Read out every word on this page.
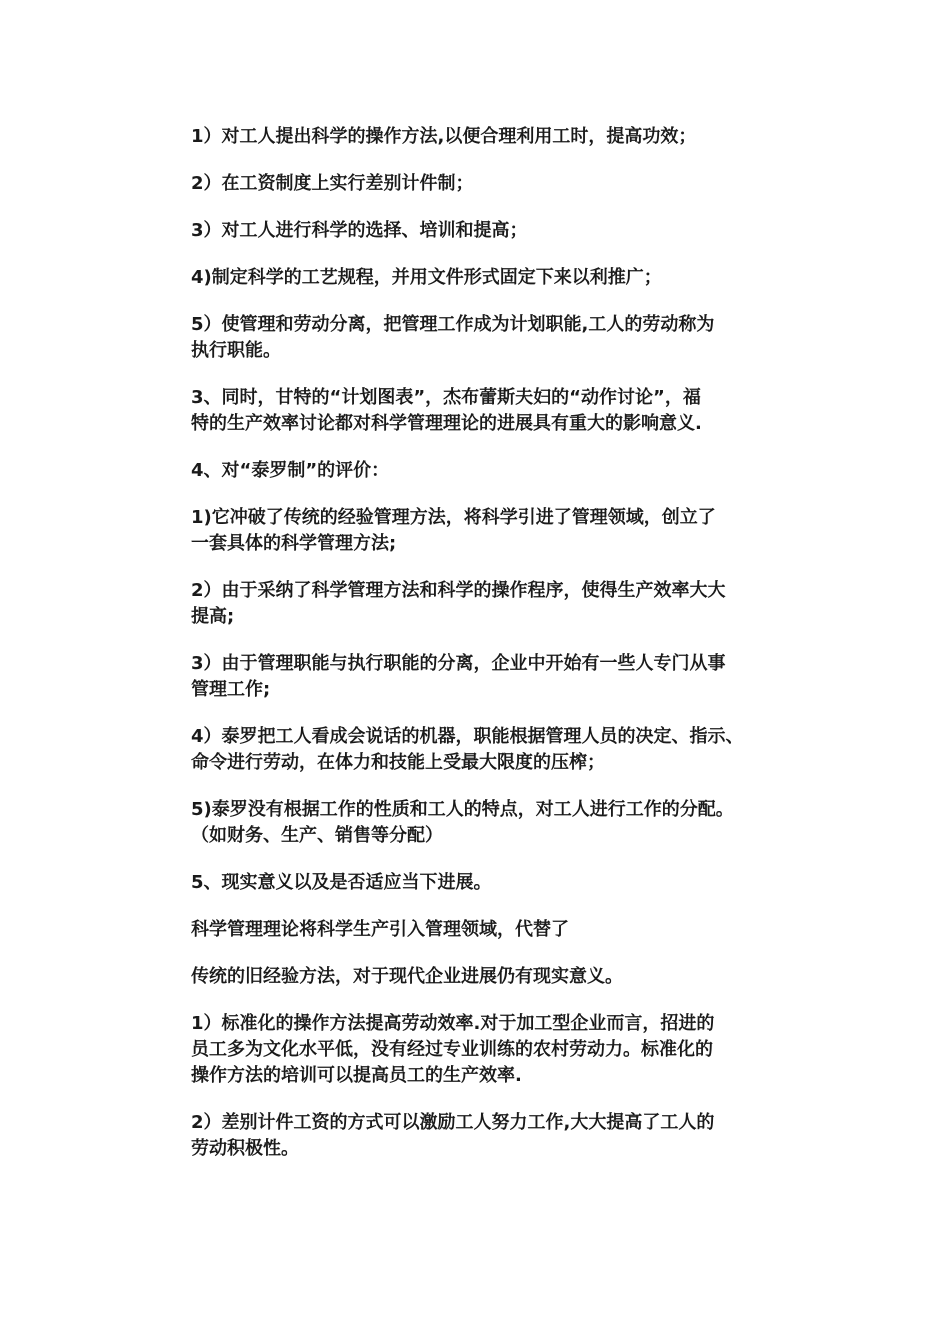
1）对工人提出科学的操作方法,以便合理利用工时，提高功效；

2）在工资制度上实行差别计件制；

3）对工人进行科学的选择、培训和提高；

4)制定科学的工艺规程，并用文件形式固定下来以利推广；

5）使管理和劳动分离，把管理工作成为计划职能,工人的劳动称为
执行职能。

3、同时，甘特的“计划图表”，杰布蕾斯夫妇的“动作讨论”，福
特的生产效率讨论都对科学管理理论的进展具有重大的影响意义.

4、对“泰罗制”的评价：

1)它冲破了传统的经验管理方法，将科学引进了管理领域，创立了
一套具体的科学管理方法;

2）由于采纳了科学管理方法和科学的操作程序，使得生产效率大大
提高;

3）由于管理职能与执行职能的分离，企业中开始有一些人专门从事
管理工作;

4）泰罗把工人看成会说话的机器，职能根据管理人员的决定、指示、
命令进行劳动，在体力和技能上受最大限度的压榨；

5)泰罗没有根据工作的性质和工人的特点，对工人进行工作的分配。
（如财务、生产、销售等分配）

5、现实意义以及是否适应当下进展。

科学管理理论将科学生产引入管理领域，代替了

传统的旧经验方法，对于现代企业进展仍有现实意义。

1）标准化的操作方法提高劳动效率.对于加工型企业而言，招进的
员工多为文化水平低，没有经过专业训练的农村劳动力。标准化的
操作方法的培训可以提高员工的生产效率.

2）差别计件工资的方式可以激励工人努力工作,大大提高了工人的
劳动积极性。
